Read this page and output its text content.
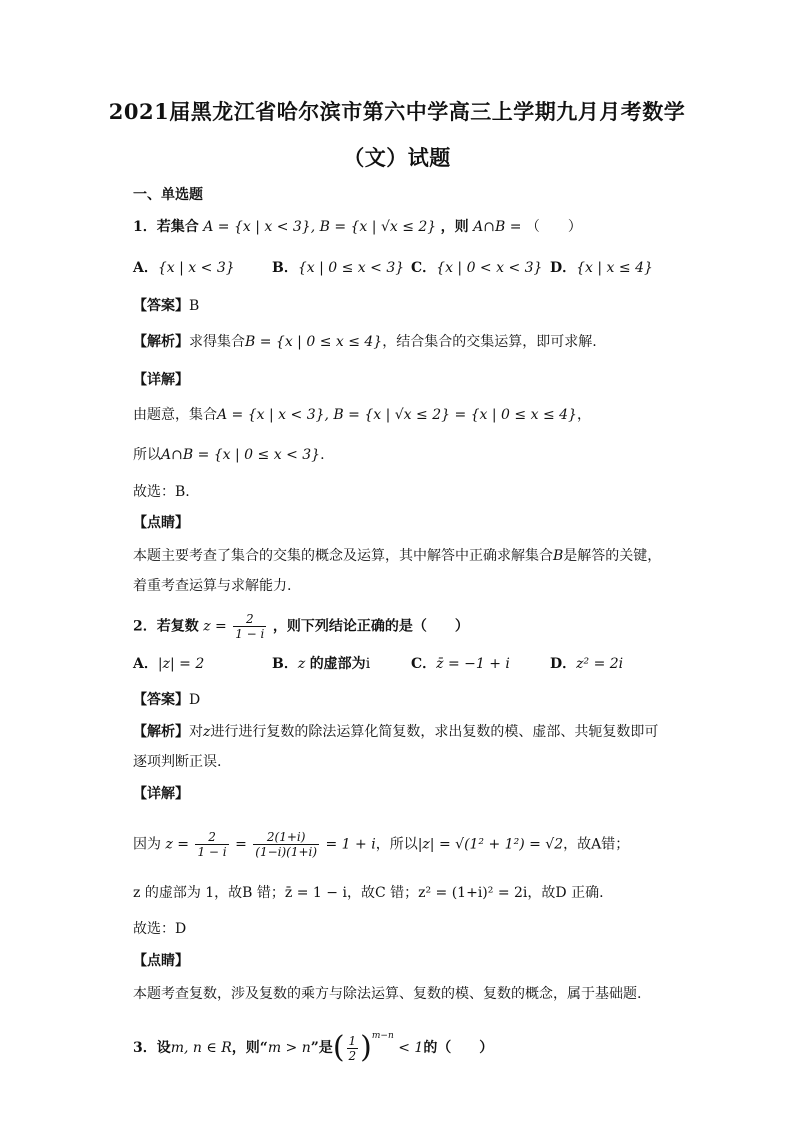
2021届黑龙江省哈尔滨市第六中学高三上学期九月月考数学
（文）试题
一、单选题
1．若集合 A = {x | x < 3}, B = {x | √x ≤ 2} ，则 A∩B = （　　）
A．{x | x < 3}	B．{x | 0 ≤ x < 3} C．{x | 0 < x < 3} D．{x | x ≤ 4}
【答案】B
【解析】求得集合B = {x | 0 ≤ x ≤ 4}，结合集合的交集运算，即可求解.
【详解】
由题意，集合A = {x | x < 3}, B = {x | √x ≤ 2} = {x | 0 ≤ x ≤ 4}，
所以A∩B = {x | 0 ≤ x < 3}.
故选：B.
【点睛】
本题主要考查了集合的交集的概念及运算，其中解答中正确求解集合B是解答的关键，
着重考查运算与求解能力.
2．若复数 $z = \frac{2}{1 - i}$ ，则下列结论正确的是（　　）
A．|z| = 2	B．z 的虚部为i	C．z̄ = −1 + i	D．z² = 2i
【答案】D
【解析】对z进行进行复数的除法运算化简复数，求出复数的模、虚部、共轭复数即可
逐项判断正误.
【详解】
因为 $z = \frac{2}{1 - i} = \frac{2(1+i)}{(1-i)(1+i)} = 1 + i$，所以|z| = √(1² + 1²) = √2，故A错；
z 的虚部为 1，故B 错；z̄ = 1 − i，故C 错；z² = (1+i)² = 2i，故D 正确.
故选：D
【点睛】
本题考查复数，涉及复数的乘方与除法运算、复数的模、复数的概念，属于基础题.
3．设m, n ∈ R，则“m > n”是( $\frac{1}{2} )^{m-n} < 1$的（　　）
